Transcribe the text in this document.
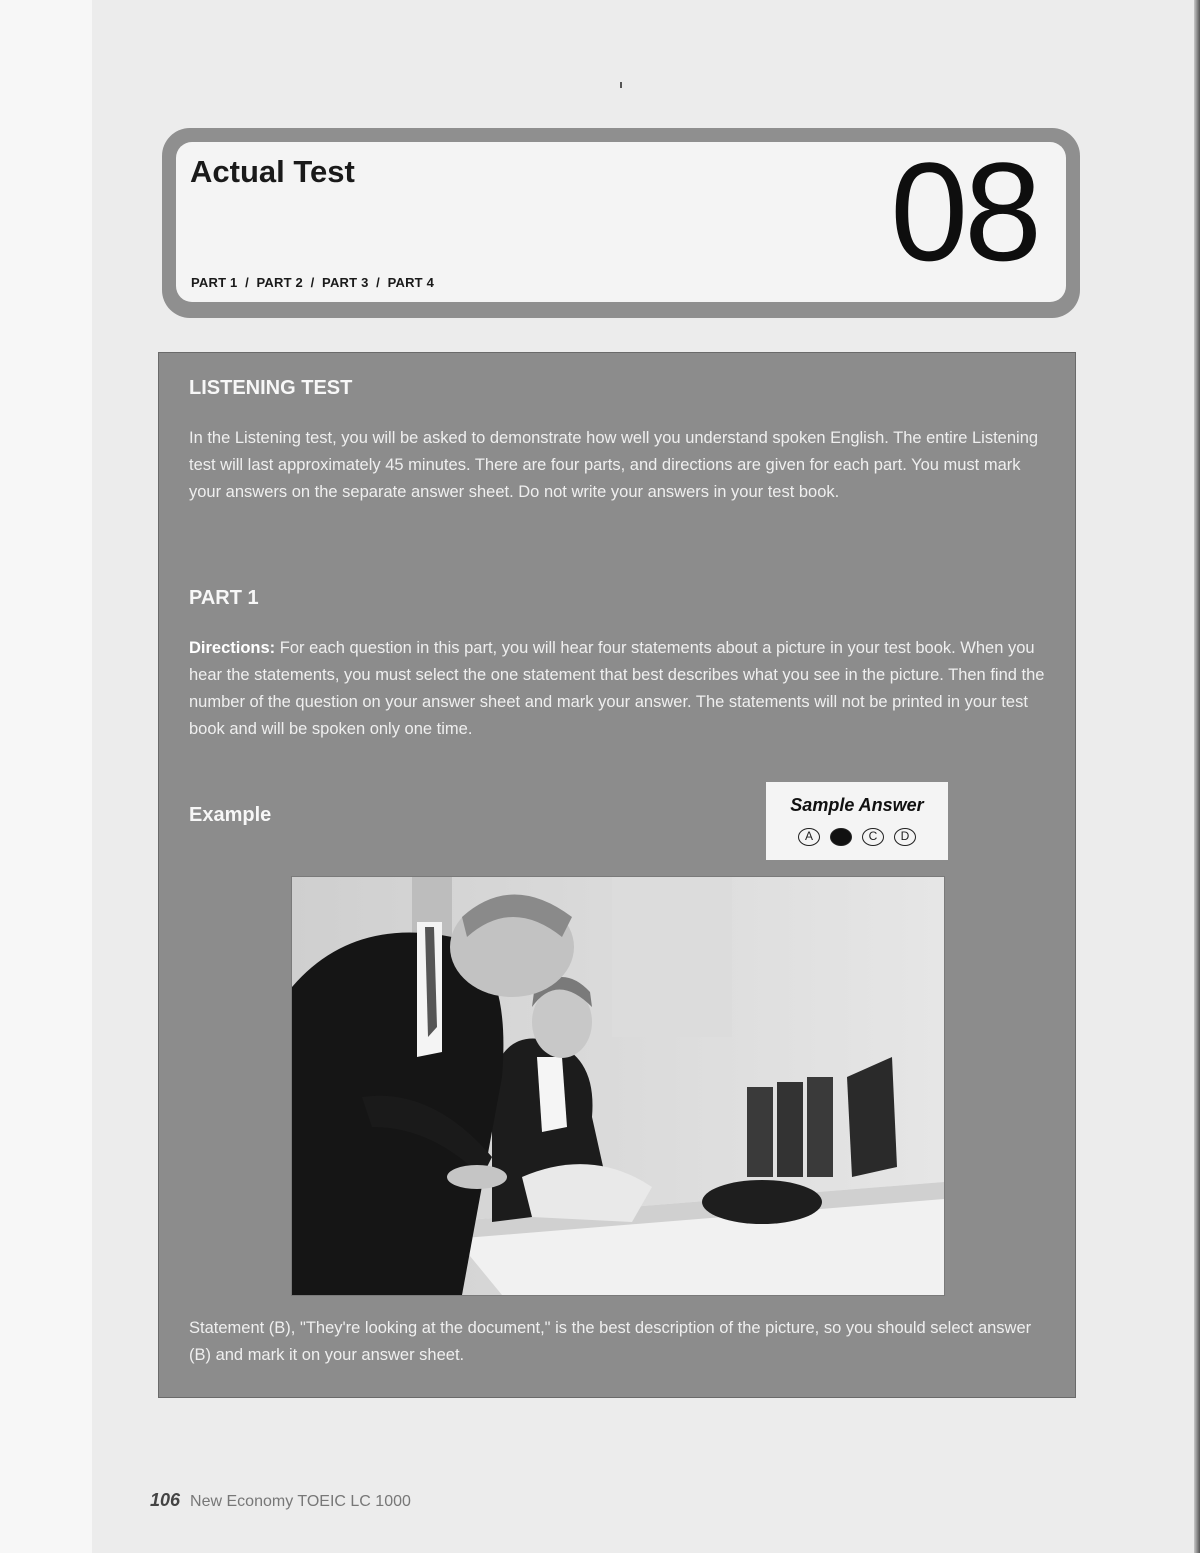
Actual Test
PART 1  /  PART 2  /  PART 3  /  PART 4	08
LISTENING TEST

In the Listening test, you will be asked to demonstrate how well you understand spoken English. The entire Listening test will last approximately 45 minutes. There are four parts, and directions are given for each part. You must mark your answers on the separate answer sheet. Do not write your answers in your test book.

PART 1

Directions: For each question in this part, you will hear four statements about a picture in your test book. When you hear the statements, you must select the one statement that best describes what you see in the picture. Then find the number of the question on your answer sheet and mark your answer. The statements will not be printed in your test book and will be spoken only one time.

Example	Sample Answer
A	C	D

Statement (B), "They're looking at the document," is the best description of the picture, so you should select answer (B) and mark it on your answer sheet.

106 New Economy TOEIC LC 1000
